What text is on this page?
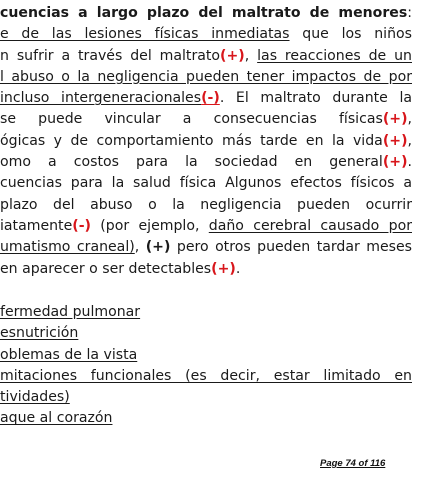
cuencias a largo plazo del maltrato de menores:
e de las lesiones físicas inmediatas que los niños
n sufrir a través del maltrato(+), las reacciones de un
l abuso o la negligencia pueden tener impactos de por
incluso intergeneracionales(-). El maltrato durante la
se puede vincular a consecuencias físicas(+),
ógicas y de comportamiento más tarde en la vida(+),
omo a costos para la sociedad en general(+).
cuencias para la salud física Algunos efectos físicos a
plazo del abuso o la negligencia pueden ocurrir
iatamente(-) (por ejemplo, daño cerebral causado por
umatismo craneal), (+) pero otros pueden tardar meses
en aparecer o ser detectables(+).
fermedad pulmonar
esnutrición
oblemas de la vista
mitaciones funcionales (es decir, estar limitado en
tividades)
aque al corazón
Page 74 of 116
